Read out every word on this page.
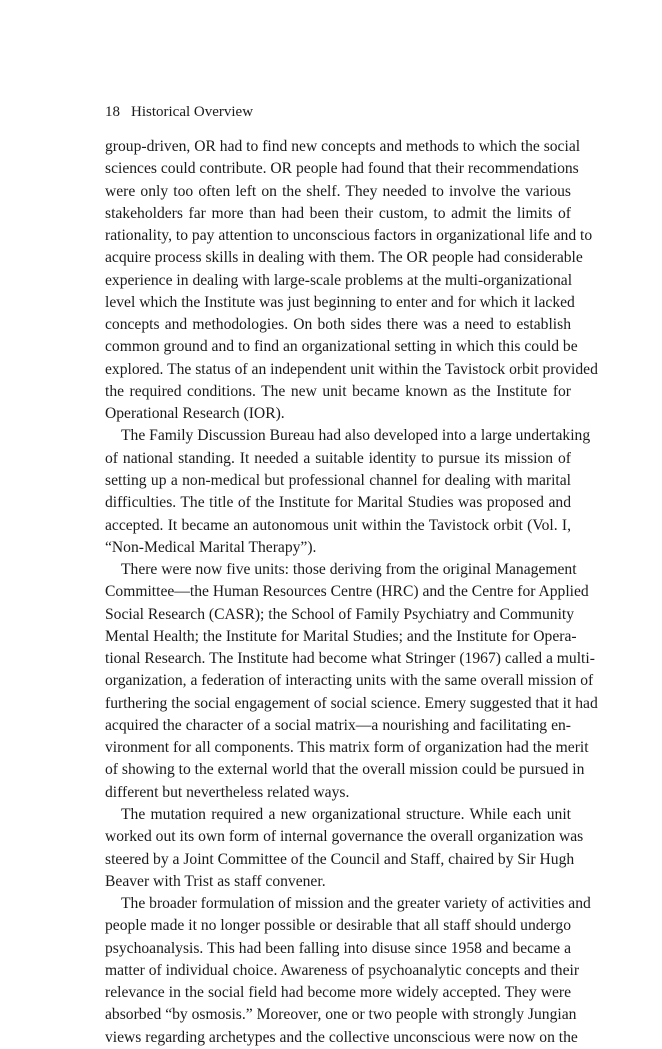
18 Historical Overview
group-driven, OR had to find new concepts and methods to which the social
sciences could contribute. OR people had found that their recommendations
were only too often left on the shelf. They needed to involve the various
stakeholders far more than had been their custom, to admit the limits of
rationality, to pay attention to unconscious factors in organizational life and to
acquire process skills in dealing with them. The OR people had considerable
experience in dealing with large-scale problems at the multi-organizational
level which the Institute was just beginning to enter and for which it lacked
concepts and methodologies. On both sides there was a need to establish
common ground and to find an organizational setting in which this could be
explored. The status of an independent unit within the Tavistock orbit provided
the required conditions. The new unit became known as the Institute for
Operational Research (IOR).
The Family Discussion Bureau had also developed into a large undertaking
of national standing. It needed a suitable identity to pursue its mission of
setting up a non-medical but professional channel for dealing with marital
difficulties. The title of the Institute for Marital Studies was proposed and
accepted. It became an autonomous unit within the Tavistock orbit (Vol. I,
“Non-Medical Marital Therapy”).
There were now five units: those deriving from the original Management
Committee—the Human Resources Centre (HRC) and the Centre for Applied
Social Research (CASR); the School of Family Psychiatry and Community
Mental Health; the Institute for Marital Studies; and the Institute for Opera-
tional Research. The Institute had become what Stringer (1967) called a multi-
organization, a federation of interacting units with the same overall mission of
furthering the social engagement of social science. Emery suggested that it had
acquired the character of a social matrix—a nourishing and facilitating en-
vironment for all components. This matrix form of organization had the merit
of showing to the external world that the overall mission could be pursued in
different but nevertheless related ways.
The mutation required a new organizational structure. While each unit
worked out its own form of internal governance the overall organization was
steered by a Joint Committee of the Council and Staff, chaired by Sir Hugh
Beaver with Trist as staff convener.
The broader formulation of mission and the greater variety of activities and
people made it no longer possible or desirable that all staff should undergo
psychoanalysis. This had been falling into disuse since 1958 and became a
matter of individual choice. Awareness of psychoanalytic concepts and their
relevance in the social field had become more widely accepted. They were
absorbed “by osmosis.” Moreover, one or two people with strongly Jungian
views regarding archetypes and the collective unconscious were now on the
